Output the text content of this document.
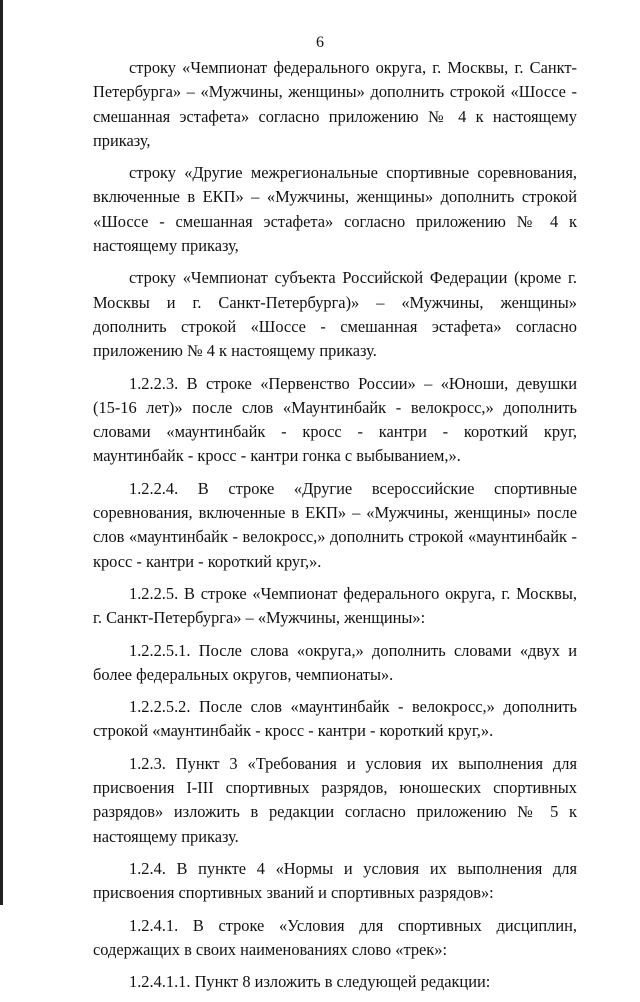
6

строку «Чемпионат федерального округа, г. Москвы, г. Санкт-Петербурга» – «Мужчины, женщины» дополнить строкой «Шоссе - смешанная эстафета» согласно приложению № 4 к настоящему приказу,

строку «Другие межрегиональные спортивные соревнования, включенные в ЕКП» – «Мужчины, женщины» дополнить строкой «Шоссе - смешанная эстафета» согласно приложению № 4 к настоящему приказу,

строку «Чемпионат субъекта Российской Федерации (кроме г. Москвы и г. Санкт-Петербурга)» – «Мужчины, женщины» дополнить строкой «Шоссе - смешанная эстафета» согласно приложению № 4 к настоящему приказу.

1.2.2.3. В строке «Первенство России» – «Юноши, девушки (15-16 лет)» после слов «Маунтинбайк - велокросс,» дополнить словами «маунтинбайк - кросс - кантри - короткий круг, маунтинбайк - кросс - кантри гонка с выбыванием,».

1.2.2.4. В строке «Другие всероссийские спортивные соревнования, включенные в ЕКП» – «Мужчины, женщины» после слов «маунтинбайк - велокросс,» дополнить строкой «маунтинбайк - кросс - кантри - короткий круг,».

1.2.2.5. В строке «Чемпионат федерального округа, г. Москвы, г. Санкт-Петербурга» – «Мужчины, женщины»:

1.2.2.5.1. После слова «округа,» дополнить словами «двух и более федеральных округов, чемпионаты».

1.2.2.5.2. После слов «маунтинбайк - велокросс,» дополнить строкой «маунтинбайк - кросс - кантри - короткий круг,».

1.2.3. Пункт 3 «Требования и условия их выполнения для присвоения I-III спортивных разрядов, юношеских спортивных разрядов» изложить в редакции согласно приложению № 5 к настоящему приказу.

1.2.4. В пункте 4 «Нормы и условия их выполнения для присвоения спортивных званий и спортивных разрядов»:

1.2.4.1. В строке «Условия для спортивных дисциплин, содержащих в своих наименованиях слово «трек»:

1.2.4.1.1. Пункт 8 изложить в следующей редакции:
